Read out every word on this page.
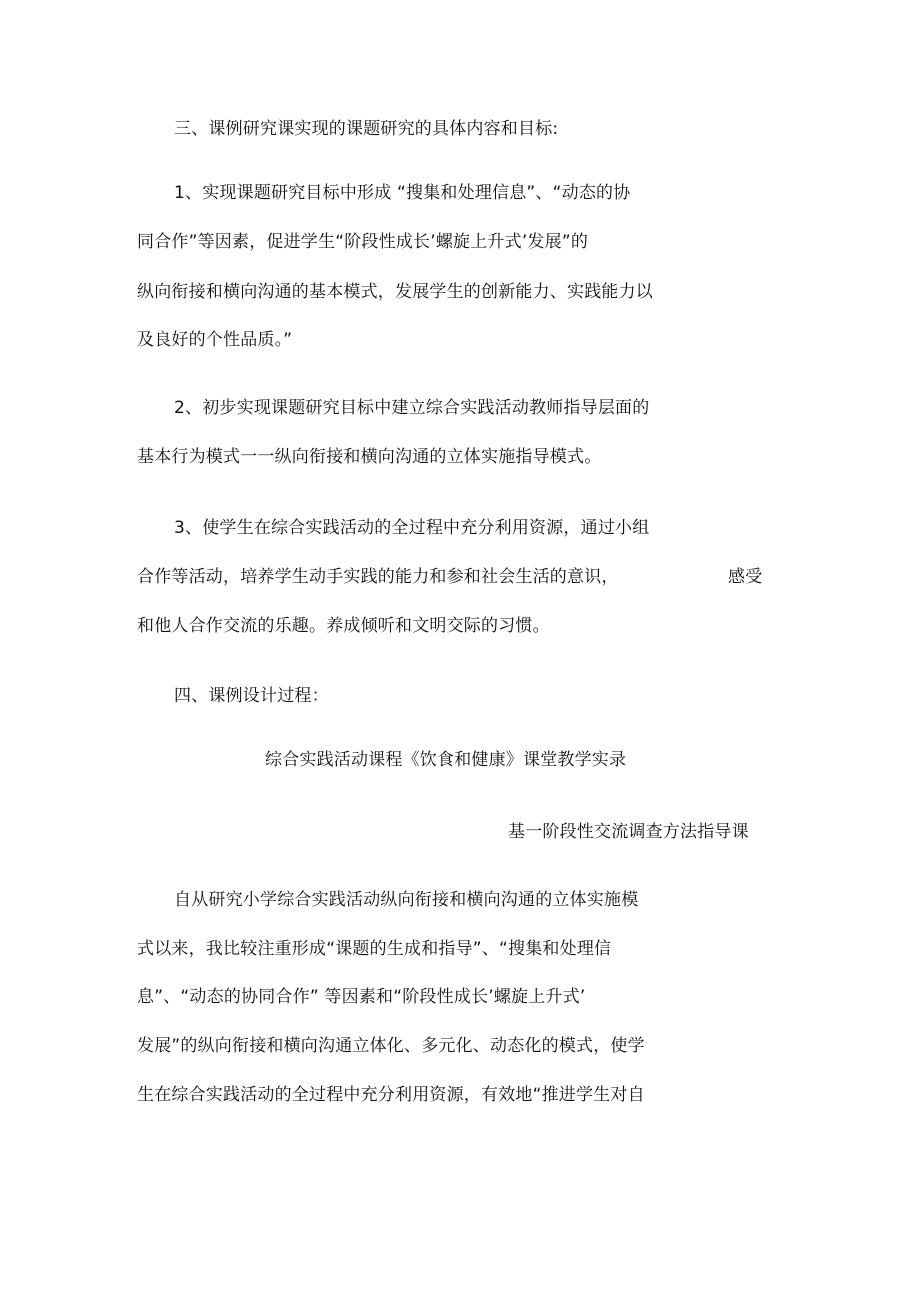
三、课例研究课实现的课题研究的具体内容和目标:
1、实现课题研究目标中形成 “搜集和处理信息”、“动态的协
同合作”等因素，促进学生“阶段性成长’螺旋上升式’发展”的
纵向衔接和横向沟通的基本模式，发展学生的创新能力、实践能力以
及良好的个性品质。”
2、初步实现课题研究目标中建立综合实践活动教师指导层面的
基本行为模式一一纵向衔接和横向沟通的立体实施指导模式。
3、使学生在综合实践活动的全过程中充分利用资源，通过小组
合作等活动，培养学生动手实践的能力和参和社会生活的意识，	感受
和他人合作交流的乐趣。养成倾听和文明交际的习惯。
四、课例设计过程：
综合实践活动课程《饮食和健康》课堂教学实录
基一阶段性交流调查方法指导课
自从研究小学综合实践活动纵向衔接和横向沟通的立体实施模
式以来，我比较注重形成“课题的生成和指导”、“搜集和处理信
息”、“动态的协同合作” 等因素和“阶段性成长’螺旋上升式’
发展”的纵向衔接和横向沟通立体化、多元化、动态化的模式，使学
生在综合实践活动的全过程中充分利用资源，有效地“推进学生对自
